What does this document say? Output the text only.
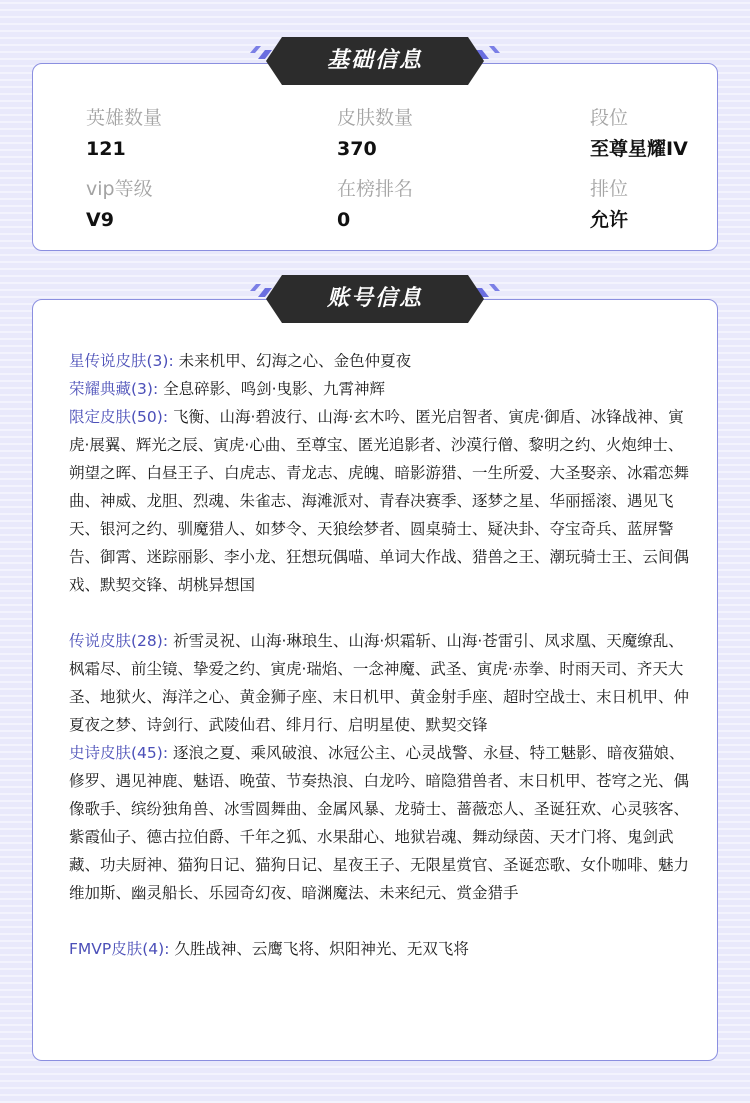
英雄数量
121
皮肤数量
370
段位
至尊星耀IV
vip等级
V9
在榜排名
0
排位
允许
基础信息
星传说皮肤(3): 未来机甲、幻海之心、金色仲夏夜
荣耀典藏(3): 全息碎影、鸣剑·曳影、九霄神辉
限定皮肤(50): 飞衡、山海·碧波行、山海·玄木吟、匿光启智者、寅虎·御盾、冰锋战神、寅虎·展翼、辉光之辰、寅虎·心曲、至尊宝、匿光追影者、沙漠行僧、黎明之约、火炮绅士、朔望之晖、白昼王子、白虎志、青龙志、虎魄、暗影游猎、一生所爱、大圣娶亲、冰霜恋舞曲、神威、龙胆、烈魂、朱雀志、海滩派对、青春决赛季、逐梦之星、华丽摇滚、遇见飞天、银河之约、驯魔猎人、如梦令、天狼绘梦者、圆桌骑士、疑决卦、夺宝奇兵、蓝屏警告、御霄、迷踪丽影、李小龙、狂想玩偶喵、单词大作战、猎兽之王、潮玩骑士王、云间偶戏、默契交锋、胡桃异想国
传说皮肤(28): 祈雪灵祝、山海·琳琅生、山海·炽霜斩、山海·苍雷引、凤求凰、天魔缭乱、枫霜尽、前尘镜、挚爱之约、寅虎·瑞焰、一念神魔、武圣、寅虎·赤拳、时雨天司、齐天大圣、地狱火、海洋之心、黄金狮子座、末日机甲、黄金射手座、超时空战士、末日机甲、仲夏夜之梦、诗剑行、武陵仙君、绯月行、启明星使、默契交锋
史诗皮肤(45): 逐浪之夏、乘风破浪、冰冠公主、心灵战警、永昼、特工魅影、暗夜猫娘、修罗、遇见神鹿、魅语、晚萤、节奏热浪、白龙吟、暗隐猎兽者、末日机甲、苍穹之光、偶像歌手、缤纷独角兽、冰雪圆舞曲、金属风暴、龙骑士、蔷薇恋人、圣诞狂欢、心灵骇客、紫霞仙子、德古拉伯爵、千年之狐、水果甜心、地狱岩魂、舞动绿茵、天才门将、鬼剑武藏、功夫厨神、猫狗日记、猫狗日记、星夜王子、无限星赏官、圣诞恋歌、女仆咖啡、魅力维加斯、幽灵船长、乐园奇幻夜、暗渊魔法、未来纪元、赏金猎手
FMVP皮肤(4): 久胜战神、云鹰飞将、炽阳神光、无双飞将
账号信息
